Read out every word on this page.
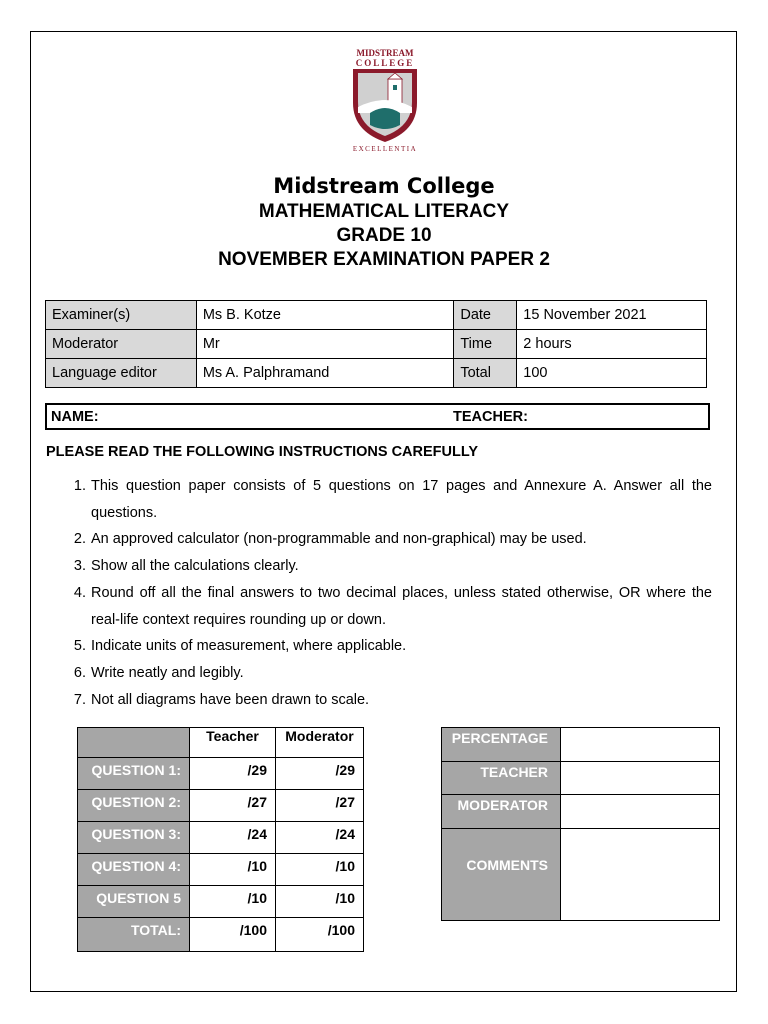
MIDSTREAM
COLLEGE
EXCELLENTIA
Midstream College
MATHEMATICAL LITERACY
GRADE 10
NOVEMBER EXAMINATION PAPER 2
Examiner(s)	Ms B. Kotze	Date	15 November 2021
Moderator	Mr	Time	2 hours
Language editor	Ms A. Palphramand	Total	100
NAME:	TEACHER:
PLEASE READ THE FOLLOWING INSTRUCTIONS CAREFULLY
1. This question paper consists of 5 questions on 17 pages and Annexure A. Answer all the questions.
2. An approved calculator (non-programmable and non-graphical) may be used.
3. Show all the calculations clearly.
4. Round off all the final answers to two decimal places, unless stated otherwise, OR where the real-life context requires rounding up or down.
5. Indicate units of measurement, where applicable.
6. Write neatly and legibly.
7. Not all diagrams have been drawn to scale.
	Teacher	Moderator
QUESTION 1:	/29	/29
QUESTION 2:	/27	/27
QUESTION 3:	/24	/24
QUESTION 4:	/10	/10
QUESTION 5	/10	/10
TOTAL:	/100	/100
PERCENTAGE	
TEACHER	
MODERATOR	
COMMENTS	
